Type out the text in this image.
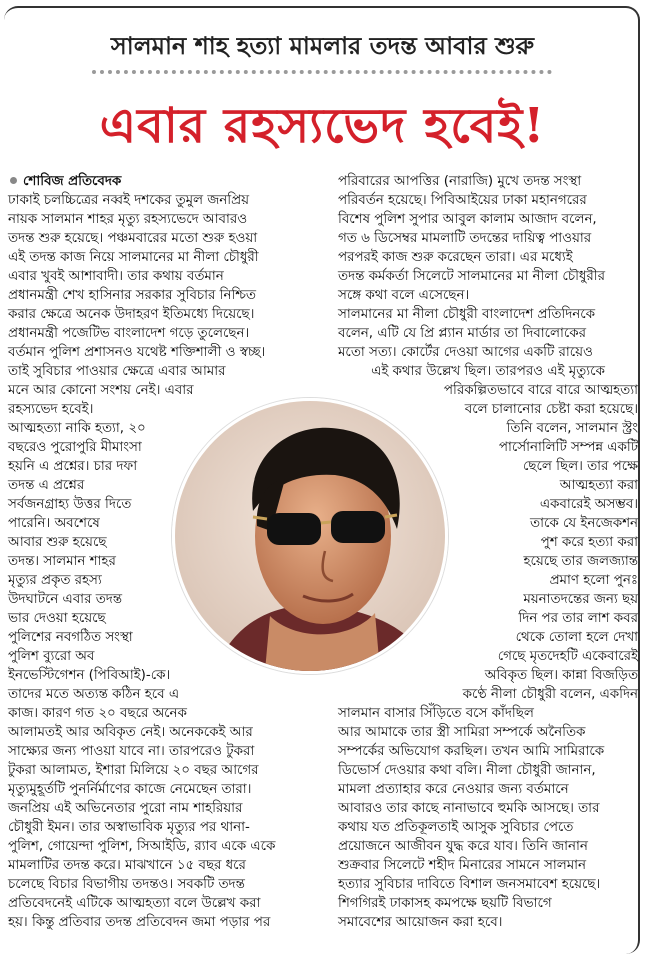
সালমান শাহ হত্যা মামলার তদন্ত আবার শুরু
এবার রহস্যভেদ হবেই!

শোবিজ প্রতিবেদক

ঢাকাই চলচ্চিত্রের নব্বই দশকের তুমুল জনপ্রিয়

নায়ক সালমান শাহর মৃত্যু রহস্যভেদে আবারও

তদন্ত শুরু হয়েছে। পঞ্চমবারের মতো শুরু হওয়া

এই তদন্ত কাজ নিয়ে সালমানের মা নীলা চৌধুরী

এবার খুবই আশাবাদী। তার কথায় বর্তমান

প্রধানমন্ত্রী শেখ হাসিনার সরকার সুবিচার নিশ্চিত

করার ক্ষেত্রে অনেক উদাহরণ ইতিমধ্যে দিয়েছে।

প্রধানমন্ত্রী পজেটিভ বাংলাদেশ গড়ে তুলেছেন।

বর্তমান পুলিশ প্রশাসনও যথেষ্ট শক্তিশালী ও স্বচ্ছ।

তাই সুবিচার পাওয়ার ক্ষেত্রে এবার আমার

মনে আর কোনো সংশয় নেই। এবার

রহস্যভেদ হবেই।

আত্মহত্যা নাকি হত্যা, ২০

বছরেও পুরোপুরি মীমাংসা

হয়নি এ প্রশ্নের। চার দফা

তদন্ত এ প্রশ্নের

সর্বজনগ্রাহ্য উত্তর দিতে

পারেনি। অবশেষে

আবার শুরু হয়েছে

তদন্ত। সালমান শাহর

মৃত্যুর প্রকৃত রহস্য

উদঘাটনে এবার তদন্ত

ভার দেওয়া হয়েছে

পুলিশের নবগঠিত সংস্থা

পুলিশ ব্যুরো অব

ইনভেস্টিগেশন (পিবিআই)-কে।

তাদের মতে অত্যন্ত কঠিন হবে এ

কাজ। কারণ গত ২০ বছরে অনেক

আলামতই আর অবিকৃত নেই। অনেককেই আর

সাক্ষ্যের জন্য পাওয়া যাবে না। তারপরেও টুকরা

টুকরা আলামত, ইশারা মিলিয়ে ২০ বছর আগের

মৃত্যুমুহূর্তটি পুনর্নির্মাণের কাজে নেমেছেন তারা।

জনপ্রিয় এই অভিনেতার পুরো নাম শাহরিয়ার

চৌধুরী ইমন। তার অস্বাভাবিক মৃত্যুর পর থানা-

পুলিশ, গোয়েন্দা পুলিশ, সিআইডি, র‌্যাব একে একে

মামলাটির তদন্ত করে। মাঝখানে ১৫ বছর ধরে

চলেছে বিচার বিভাগীয় তদন্তও। সবকটি তদন্ত

প্রতিবেদনেই এটিকে আত্মহত্যা বলে উল্লেখ করা

হয়। কিন্তু প্রতিবার তদন্ত প্রতিবেদন জমা পড়ার পর

পরিবারের আপত্তির (নারাজি) মুখে তদন্ত সংস্থা

পরিবর্তন হয়েছে। পিবিআইয়ের ঢাকা মহানগরের

বিশেষ পুলিশ সুপার আবুল কালাম আজাদ বলেন,

গত ৬ ডিসেম্বর মামলাটি তদন্তের দায়িত্ব পাওয়ার

পরপরই কাজ শুরু করেছেন তারা। এর মধ্যেই

তদন্ত কর্মকর্তা সিলেটে সালমানের মা নীলা চৌধুরীর

সঙ্গে কথা বলে এসেছেন।

সালমানের মা নীলা চৌধুরী বাংলাদেশ প্রতিদিনকে

বলেন, এটি যে প্রি প্ল্যান মার্ডার তা দিবালোকের

মতো সত্য। কোর্টের দেওয়া আগের একটি রায়েও

এই কথার উল্লেখ ছিল। তারপরও এই মৃত্যুকে

পরিকল্পিতভাবে বারে বারে আত্মহত্যা

বলে চালানোর চেষ্টা করা হয়েছে।

তিনি বলেন, সালমান স্ট্রং

পার্সোনালিটি সম্পন্ন একটি

ছেলে ছিল। তার পক্ষে

আত্মহত্যা করা

একবারেই অসম্ভব।

তাকে যে ইনজেকশন

পুশ করে হত্যা করা

হয়েছে তার জলজ্যান্ত

প্রমাণ হলো পুনঃ

ময়নাতদন্তের জন্য ছয়

দিন পর তার লাশ কবর

থেকে তোলা হলে দেখা

গেছে মৃতদেহটি একেবারেই

অবিকৃত ছিল। কান্না বিজড়িত

কণ্ঠে নীলা চৌধুরী বলেন, একদিন

সালমান বাসার সিঁড়িতে বসে কাঁদছিল

আর আমাকে তার স্ত্রী সামিরা সম্পর্কে অনৈতিক

সম্পর্কের অভিযোগ করছিল। তখন আমি সামিরাকে

ডিভোর্স দেওয়ার কথা বলি। নীলা চৌধুরী জানান,

মামলা প্রত্যাহার করে নেওয়ার জন্য বর্তমানে

আবারও তার কাছে নানাভাবে হুমকি আসছে। তার

কথায় যত প্রতিকূলতাই আসুক সুবিচার পেতে

প্রয়োজনে আজীবন যুদ্ধ করে যাব। তিনি জানান

শুক্রবার সিলেটে শহীদ মিনারের সামনে সালমান

হত্যার সুবিচার দাবিতে বিশাল জনসমাবেশ হয়েছে।

শিগগিরই ঢাকাসহ কমপক্ষে ছয়টি বিভাগে

সমাবেশের আয়োজন করা হবে।
